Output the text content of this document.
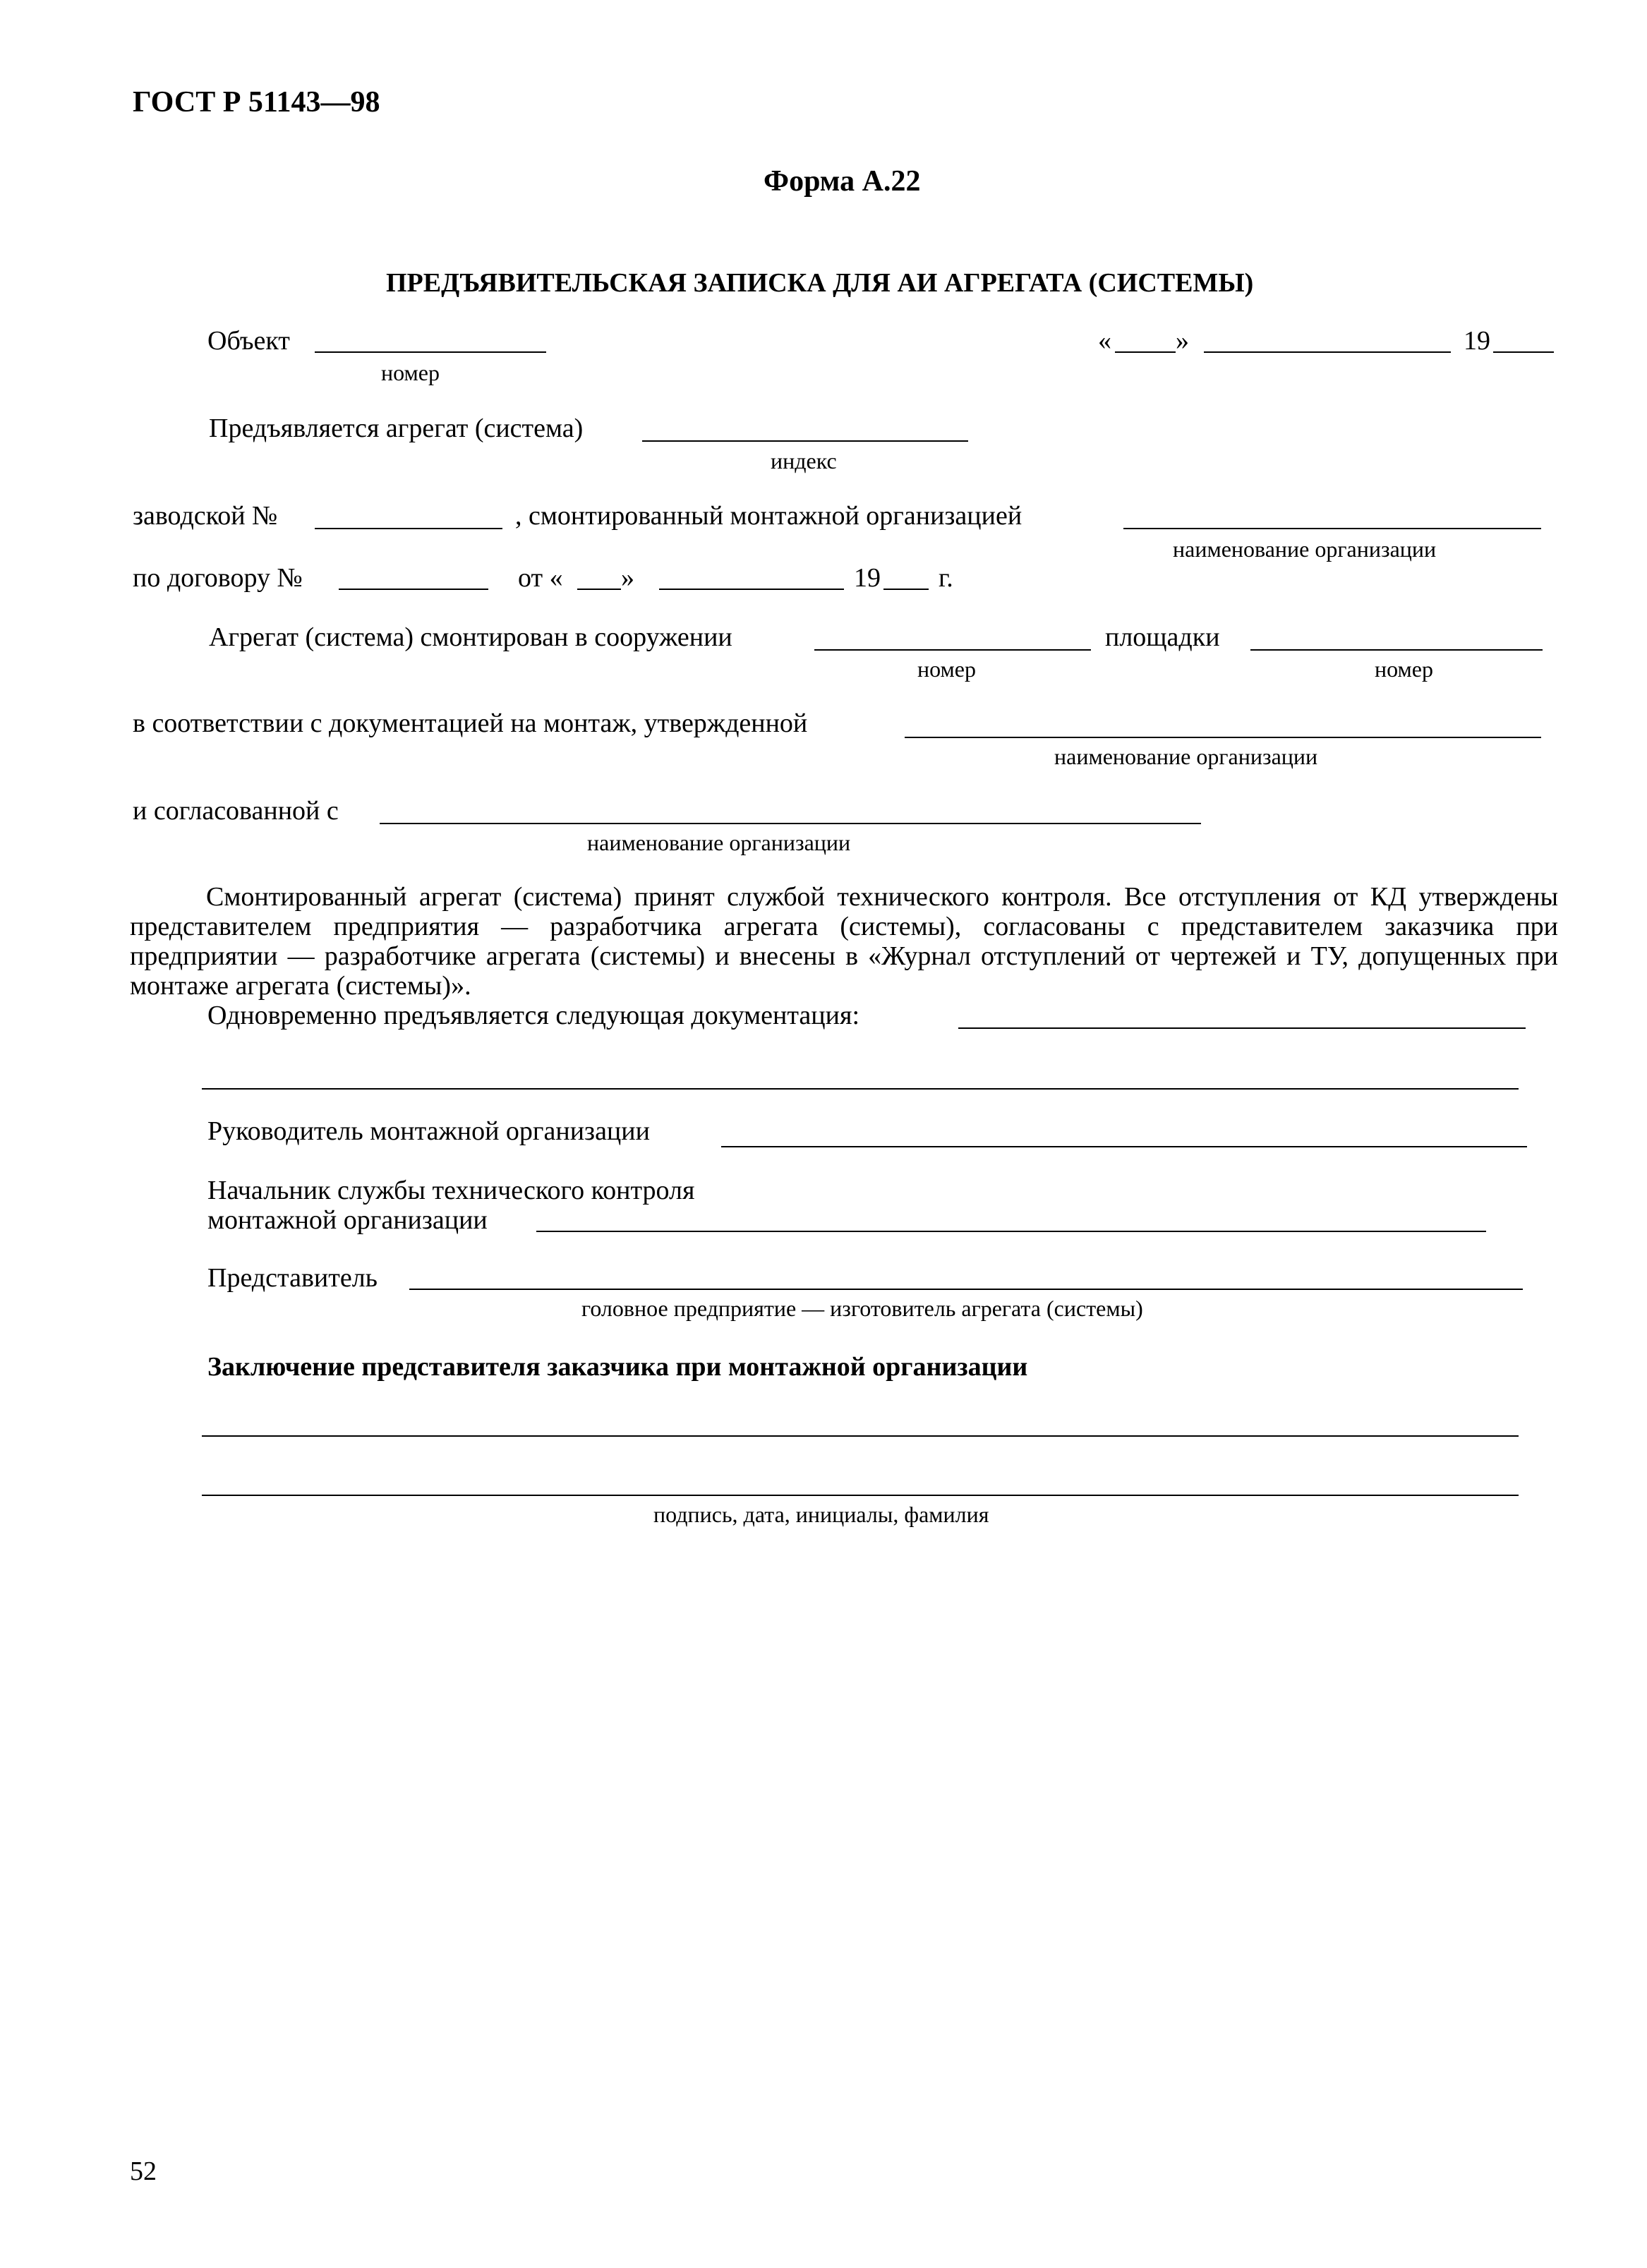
ГОСТ Р 51143—98
Форма А.22
ПРЕДЪЯВИТЕЛЬСКАЯ ЗАПИСКА ДЛЯ АИ АГРЕГАТА (СИСТЕМЫ)
Объект
номер
« »	19
Предъявляется агрегат (система)
индекс
заводской №	, смонтированный монтажной организацией
наименование организации
по договору №	от « »	19 г.
Агрегат (система) смонтирован в сооружении
номер
площадки
номер
в соответствии с документацией на монтаж, утвержденной
наименование организации
и согласованной с
наименование организации

Смонтированный агрегат (система) принят службой технического контроля. Все отступления от КД утверждены представителем предприятия — разработчика агрегата (системы), согласованы с представителем заказчика при предприятии — разработчике агрегата (системы) и внесены в «Журнал отступлений от чертежей и ТУ, допущенных при монтаже агрегата (системы)».

Одновременно предъявляется следующая документация:
Руководитель монтажной организации
Начальник службы технического контроля
монтажной организации
Представитель
головное предприятие — изготовитель агрегата (системы)
Заключение представителя заказчика при монтажной организации
подпись, дата, инициалы, фамилия
52
